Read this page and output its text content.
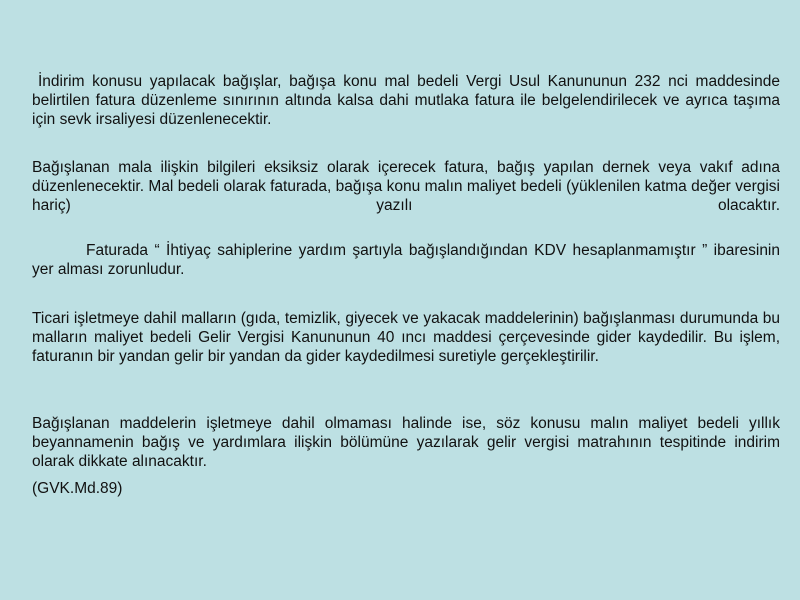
İndirim konusu yapılacak bağışlar, bağışa konu mal bedeli Vergi Usul Kanununun 232 nci maddesinde belirtilen fatura düzenleme sınırının altında kalsa dahi mutlaka fatura ile belgelendirilecek ve ayrıca taşıma için sevk irsaliyesi düzenlenecektir.

Bağışlanan mala ilişkin bilgileri eksiksiz olarak içerecek fatura, bağış yapılan dernek veya vakıf adına düzenlenecektir. Mal bedeli olarak faturada, bağışa konu malın maliyet bedeli (yüklenilen katma değer vergisi hariç) yazılı olacaktır.

Faturada “ İhtiyaç sahiplerine yardım şartıyla bağışlandığından KDV hesaplanmamıştır ” ibaresinin yer alması zorunludur.

Ticari işletmeye dahil malların (gıda, temizlik, giyecek ve yakacak maddelerinin) bağışlanması durumunda bu malların maliyet bedeli Gelir Vergisi Kanununun 40 ıncı maddesi çerçevesinde gider kaydedilir. Bu işlem, faturanın bir yandan gelir bir yandan da gider kaydedilmesi suretiyle gerçekleştirilir.

Bağışlanan maddelerin işletmeye dahil olmaması halinde ise, söz konusu malın maliyet bedeli yıllık beyannamenin bağış ve yardımlara ilişkin bölümüne yazılarak gelir vergisi matrahının tespitinde indirim olarak dikkate alınacaktır.

(GVK.Md.89)
